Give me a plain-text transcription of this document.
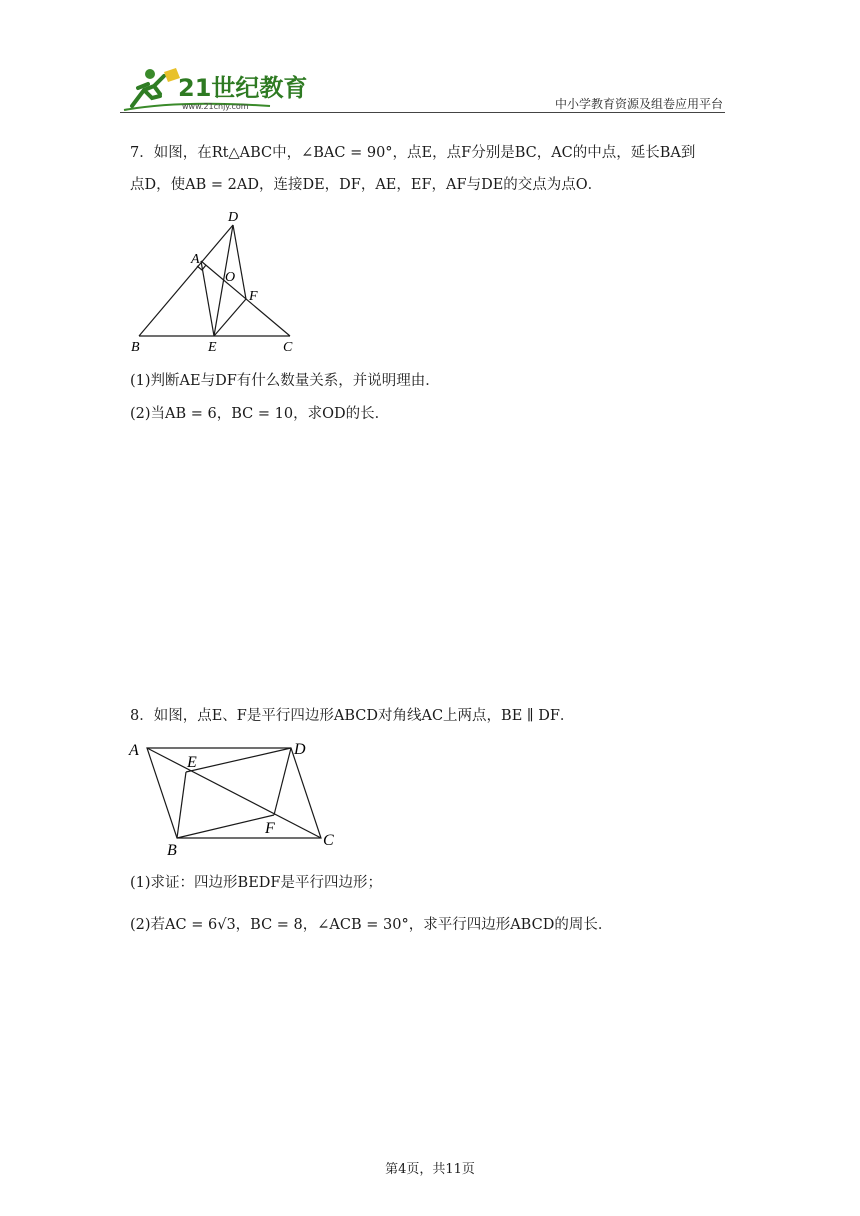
21世纪教育
www.21cnjy.com	中小学教育资源及组卷应用平台
7．如图，在Rt△ABC中，∠BAC = 90°，点E，点F分别是BC，AC的中点，延长BA到
点D，使AB = 2AD，连接DE，DF，AE，EF，AF与DE的交点为点O．
A
B	C
D
E
F
O
(1)判断AE与DF有什么数量关系，并说明理由．
(2)当AB = 6，BC = 10，求OD的长．
8．如图，点E、F是平行四边形ABCD对角线AC上两点，BE ∥ DF．
A	D
B
C
E
F
(1)求证：四边形BEDF是平行四边形；
(2)若AC = 6√3，BC = 8，∠ACB = 30°，求平行四边形ABCD的周长．
第4页，共11页
